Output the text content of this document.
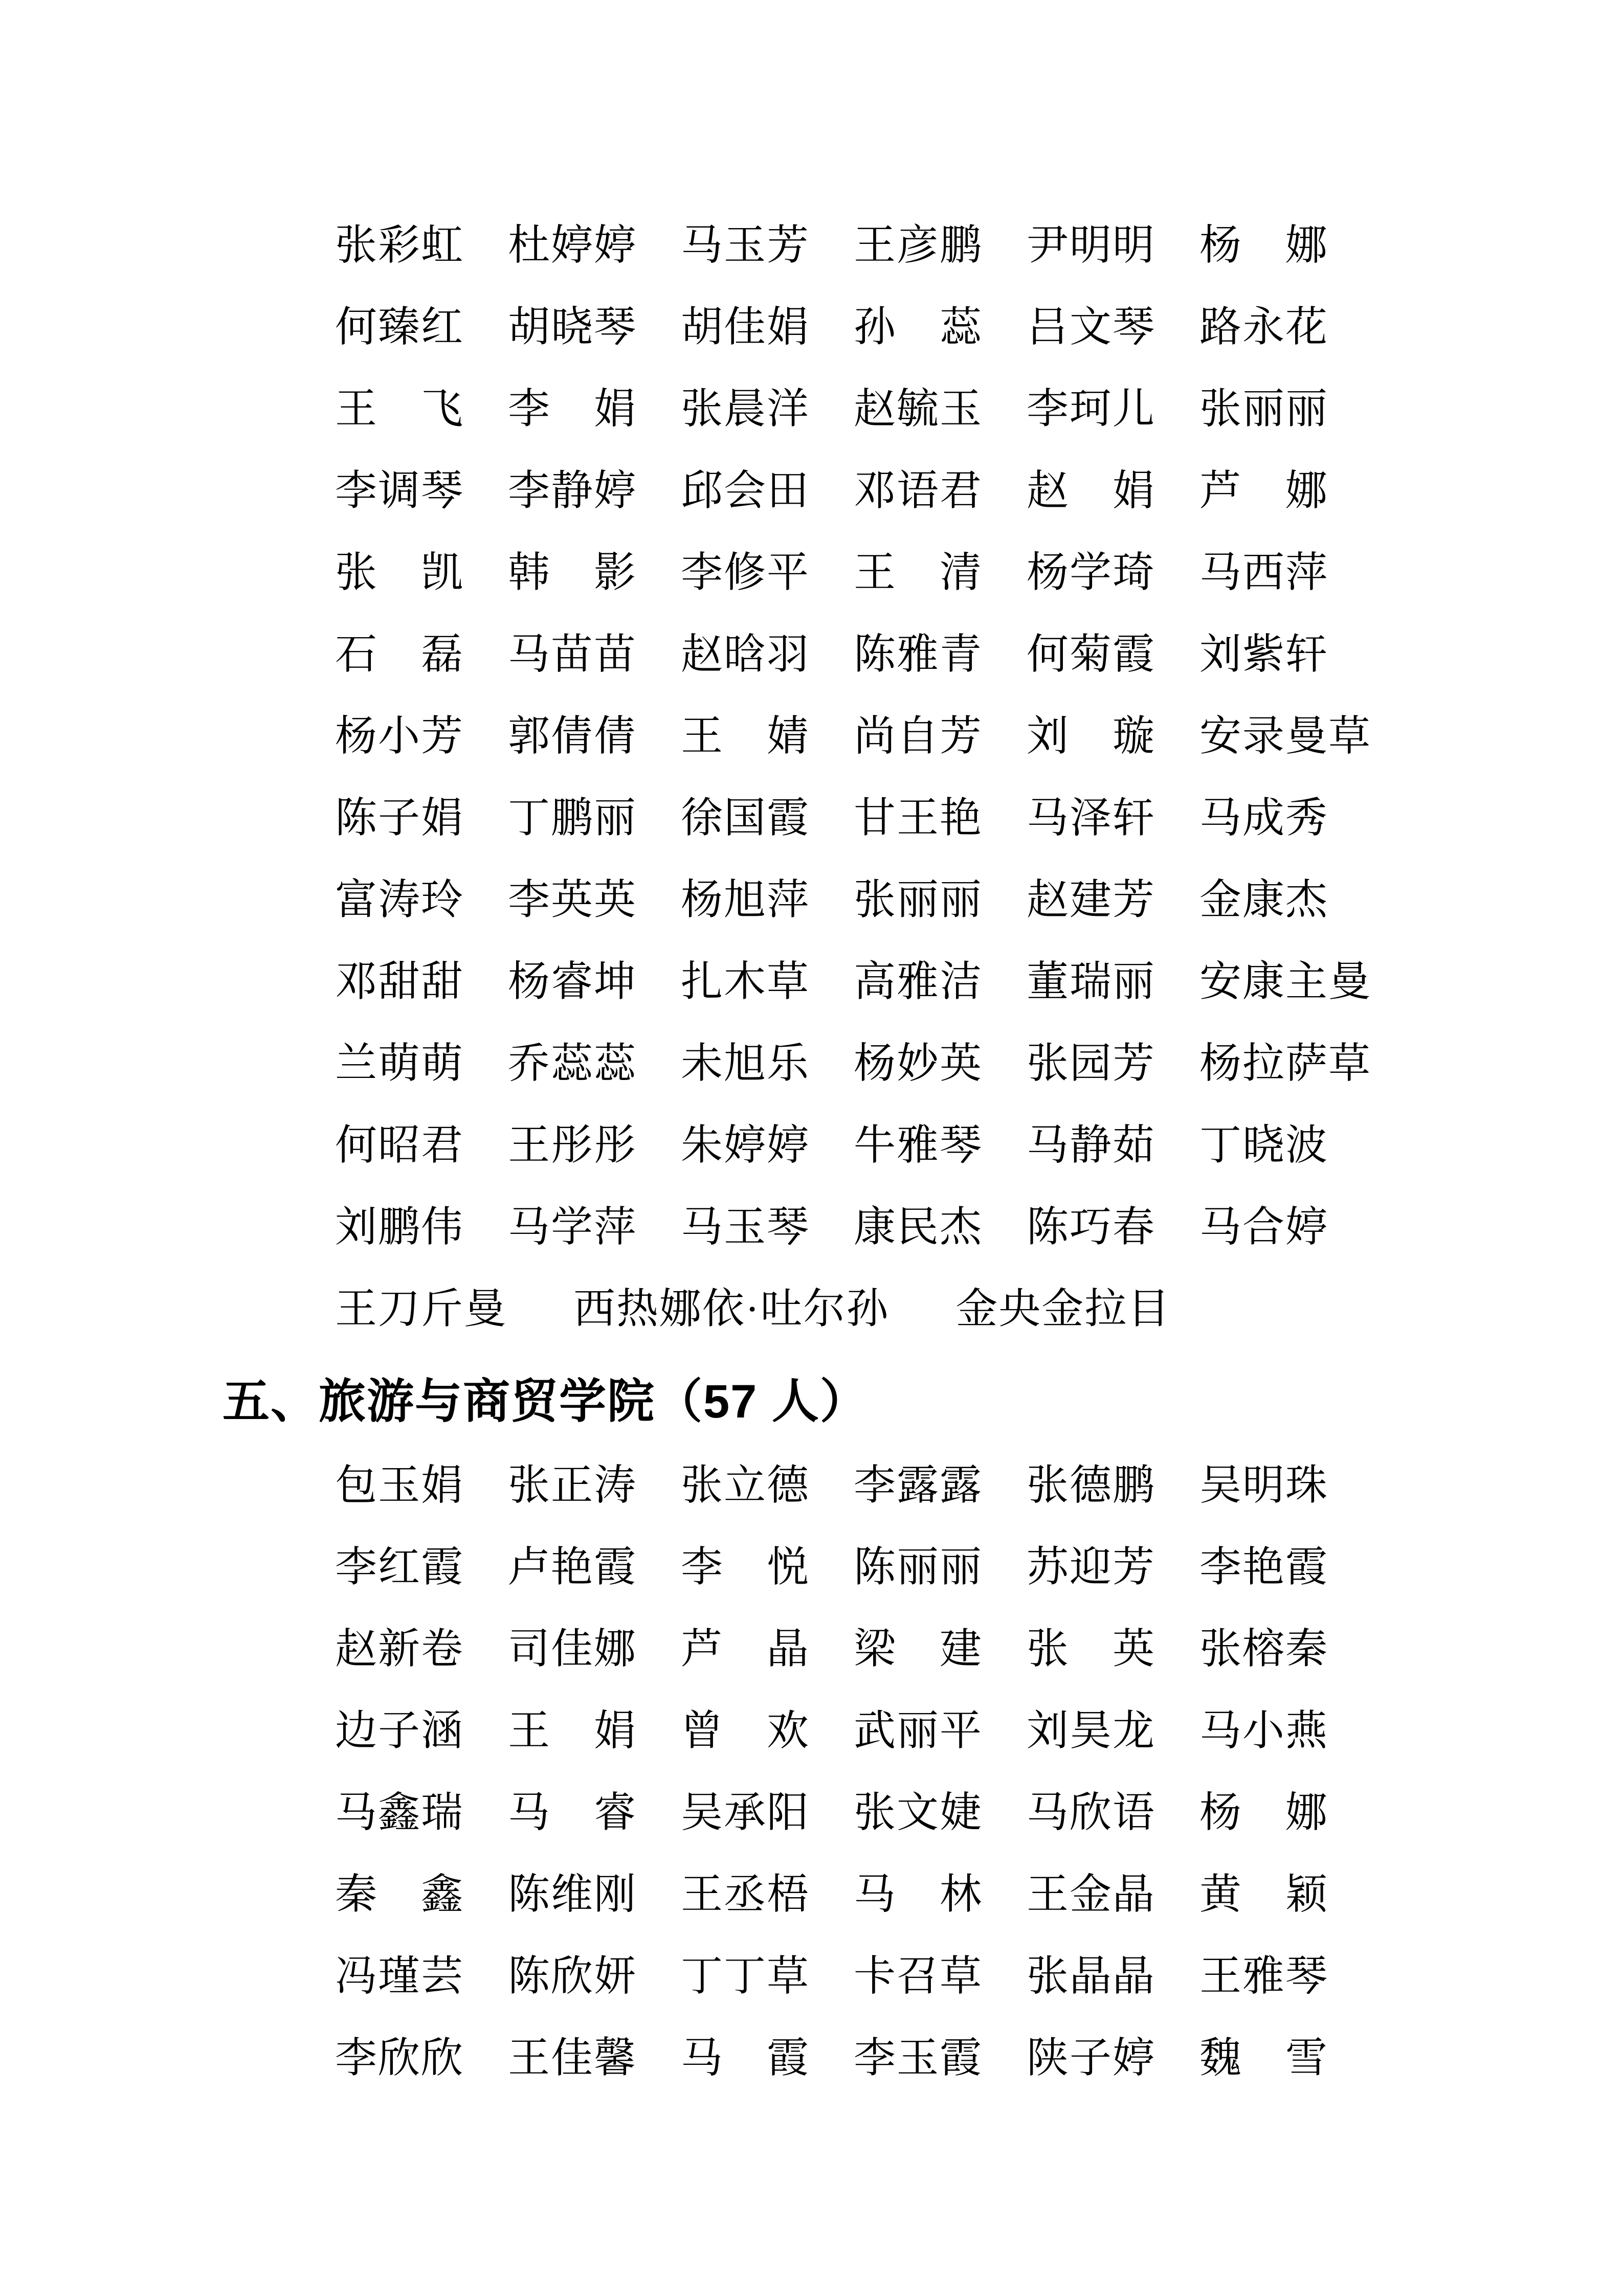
张彩虹	杜婷婷	马玉芳	王彦鹏	尹明明	杨　娜
何臻红	胡晓琴	胡佳娟	孙　蕊	吕文琴	路永花
王　飞	李　娟	张晨洋	赵毓玉	李珂儿	张丽丽
李调琴	李静婷	邱会田	邓语君	赵　娟	芦　娜
张　凯	韩　影	李修平	王　清	杨学琦	马西萍
石　磊	马苗苗	赵晗羽	陈雅青	何菊霞	刘紫轩
杨小芳	郭倩倩	王　婧	尚自芳	刘　璇	安录曼草
陈子娟	丁鹏丽	徐国霞	甘王艳	马泽轩	马成秀
富涛玲	李英英	杨旭萍	张丽丽	赵建芳	金康杰
邓甜甜	杨睿坤	扎木草	高雅洁	董瑞丽	安康主曼
兰萌萌	乔蕊蕊	未旭乐	杨妙英	张园芳	杨拉萨草
何昭君	王彤彤	朱婷婷	牛雅琴	马静茹	丁晓波
刘鹏伟	马学萍	马玉琴	康民杰	陈巧春	马合婷
王刀斤曼 西热娜依·吐尔孙 金央金拉目
五、旅游与商贸学院（57 人）
包玉娟	张正涛	张立德	李露露	张德鹏	吴明珠
李红霞	卢艳霞	李　悦	陈丽丽	苏迎芳	李艳霞
赵新卷	司佳娜	芦　晶	梁　建	张　英	张榕秦
边子涵	王　娟	曾　欢	武丽平	刘昊龙	马小燕
马鑫瑞	马　睿	吴承阳	张文婕	马欣语	杨　娜
秦　鑫	陈维刚	王丞梧	马　林	王金晶	黄　颖
冯瑾芸	陈欣妍	丁丁草	卡召草	张晶晶	王雅琴
李欣欣	王佳馨	马　霞	李玉霞	陕子婷	魏　雪
